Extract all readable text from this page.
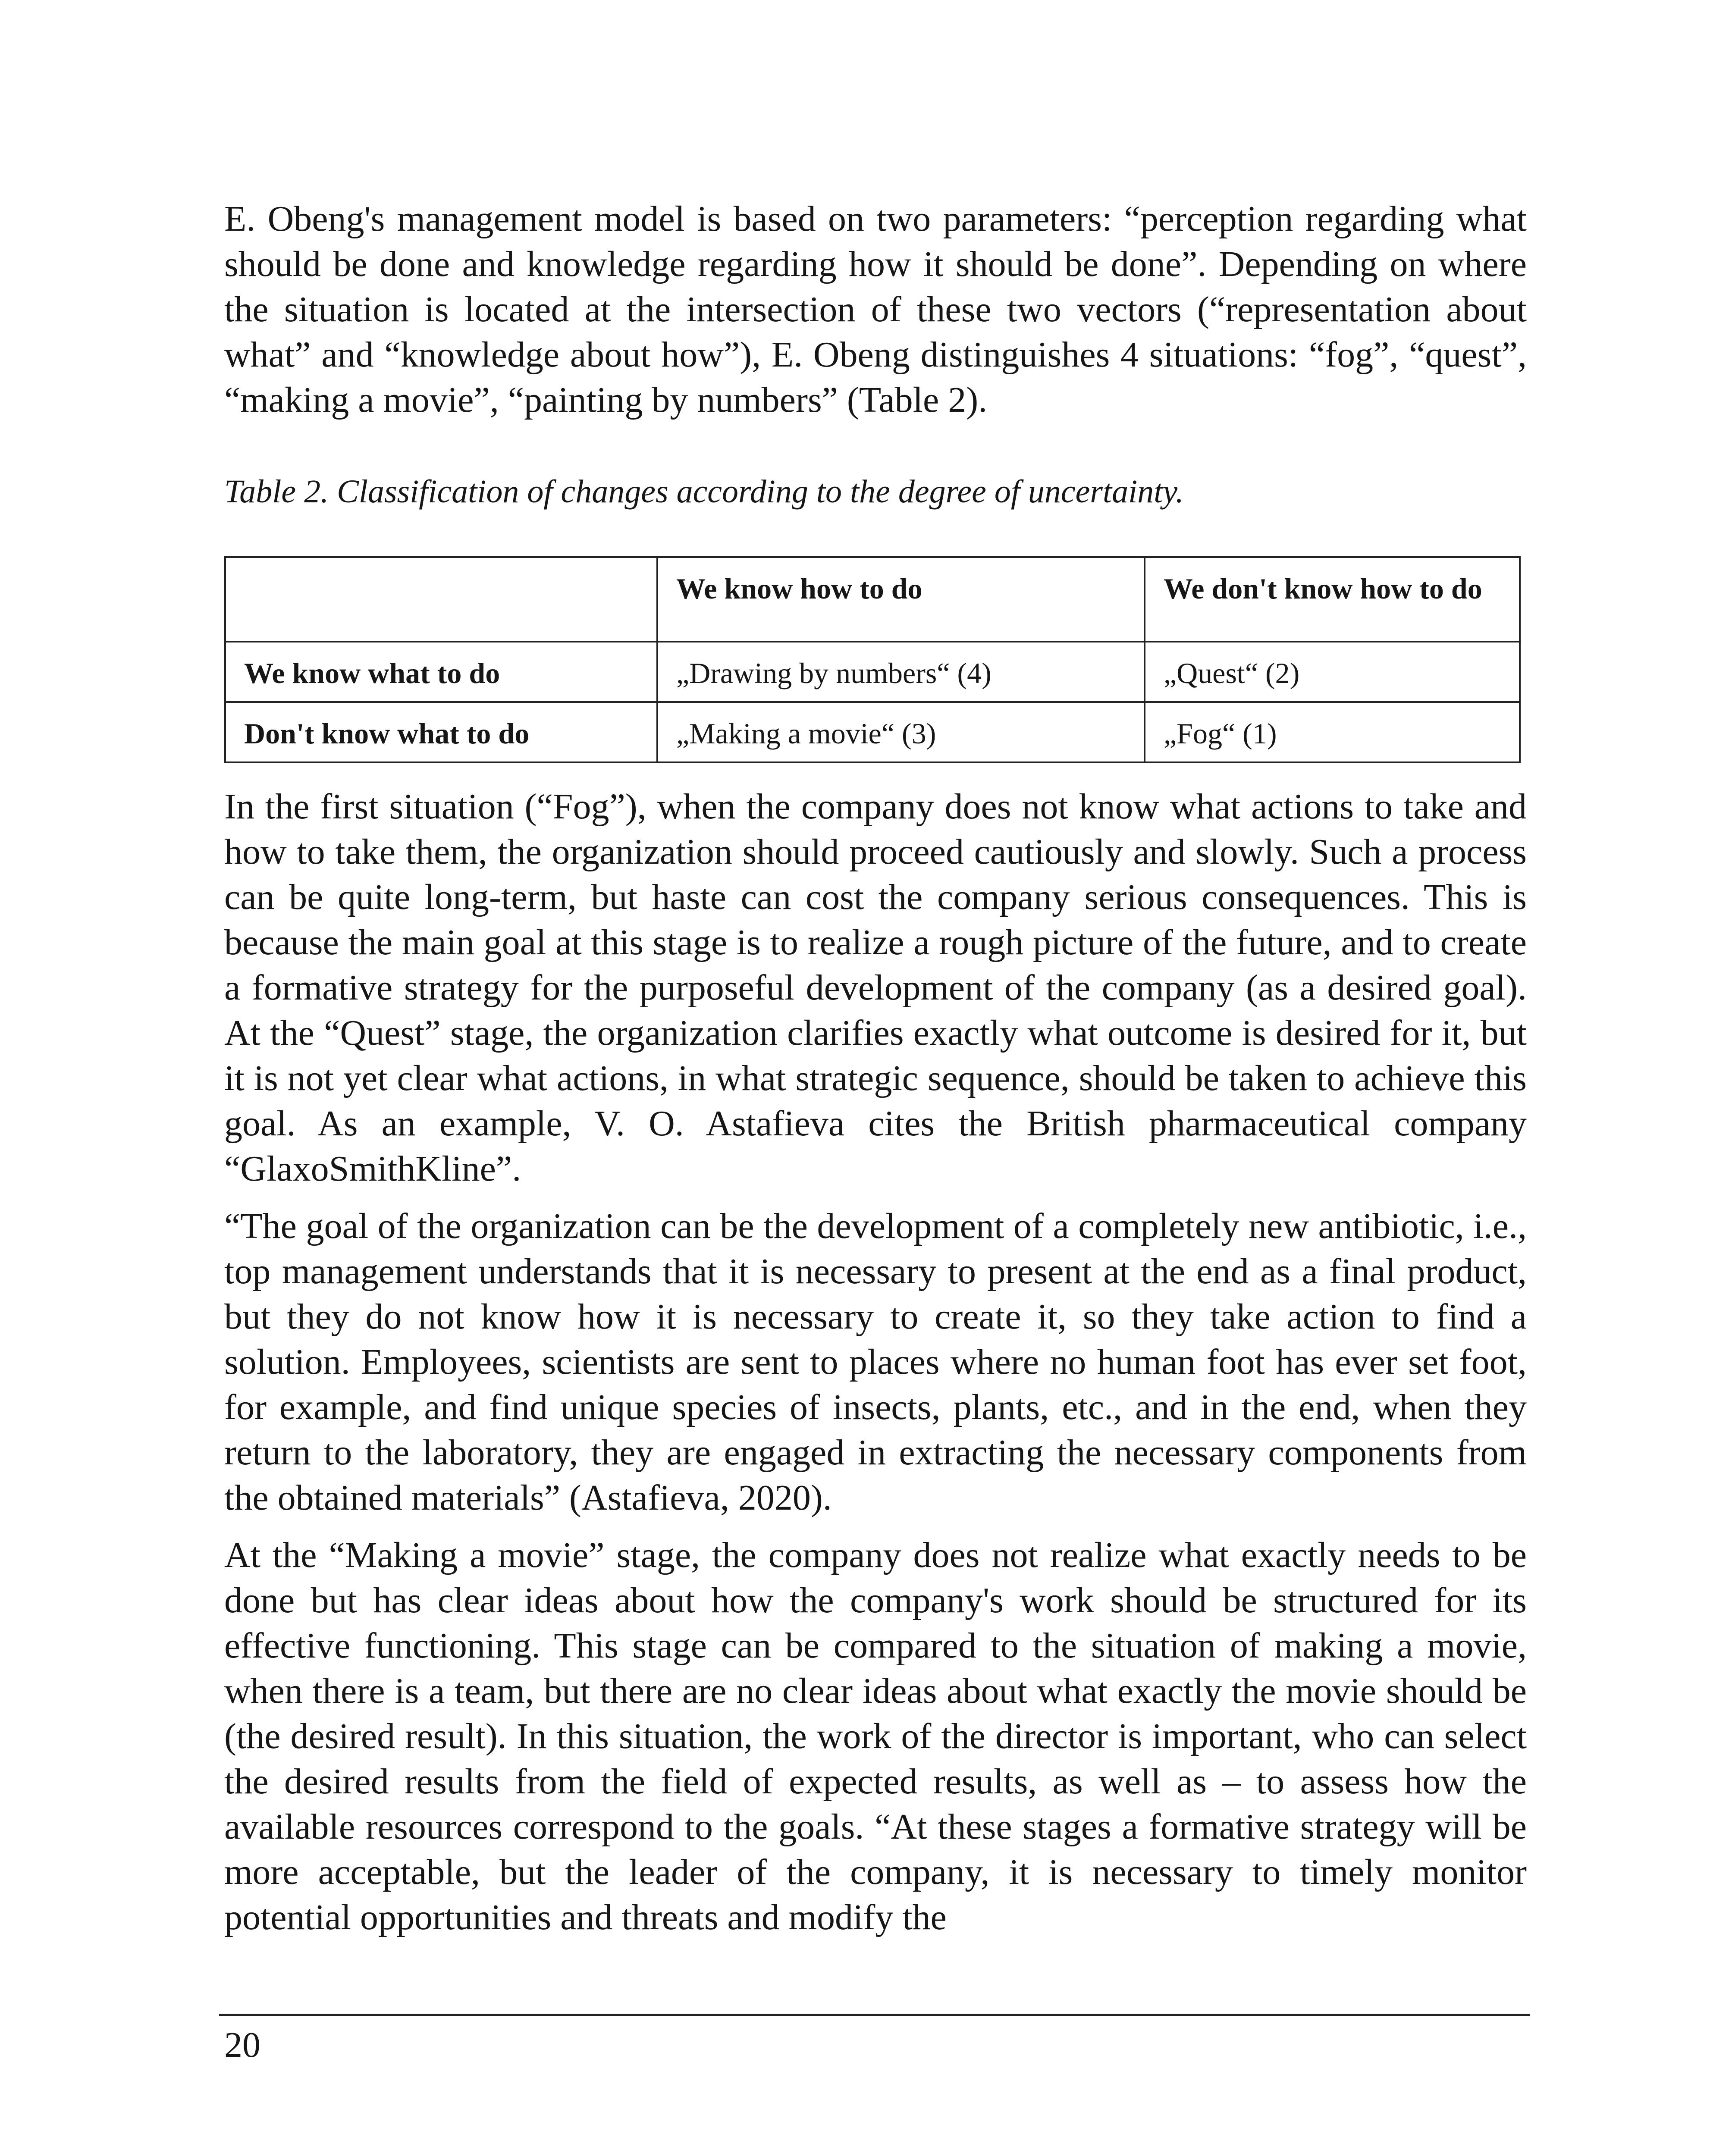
E. Obeng's management model is based on two parameters: “perception regarding what should be done and knowledge regarding how it should be done”. Depending on where the situation is located at the intersection of these two vectors (“representation about what” and “knowledge about how”), E. Obeng distinguishes 4 situations: “fog”, “quest”, “making a movie”, “painting by numbers” (Table 2).

Table 2. Classification of changes according to the degree of uncertainty.

	We know how to do	We don't know how to do
We know what to do	„Drawing by numbers“ (4)	„Quest“ (2)
Don't know what to do	„Making a movie“ (3)	„Fog“ (1)

In the first situation (“Fog”), when the company does not know what actions to take and how to take them, the organization should proceed cautiously and slowly. Such a process can be quite long-term, but haste can cost the company serious consequences. This is because the main goal at this stage is to realize a rough picture of the future, and to create a formative strategy for the purposeful development of the company (as a desired goal). At the “Quest” stage, the organization clarifies exactly what outcome is desired for it, but it is not yet clear what actions, in what strategic sequence, should be taken to achieve this goal. As an example, V. O. Astafieva cites the British pharmaceutical company “GlaxoSmithKline”.

“The goal of the organization can be the development of a completely new antibiotic, i.e., top management understands that it is necessary to present at the end as a final product, but they do not know how it is necessary to create it, so they take action to find a solution. Employees, scientists are sent to places where no human foot has ever set foot, for example, and find unique species of insects, plants, etc., and in the end, when they return to the laboratory, they are engaged in extracting the necessary components from the obtained materials” (Astafieva, 2020).

At the “Making a movie” stage, the company does not realize what exactly needs to be done but has clear ideas about how the company's work should be structured for its effective functioning. This stage can be compared to the situation of making a movie, when there is a team, but there are no clear ideas about what exactly the movie should be (the desired result). In this situation, the work of the director is important, who can select the desired results from the field of expected results, as well as – to assess how the available resources correspond to the goals. “At these stages a formative strategy will be more acceptable, but the leader of the company, it is necessary to timely monitor potential opportunities and threats and modify the

20
